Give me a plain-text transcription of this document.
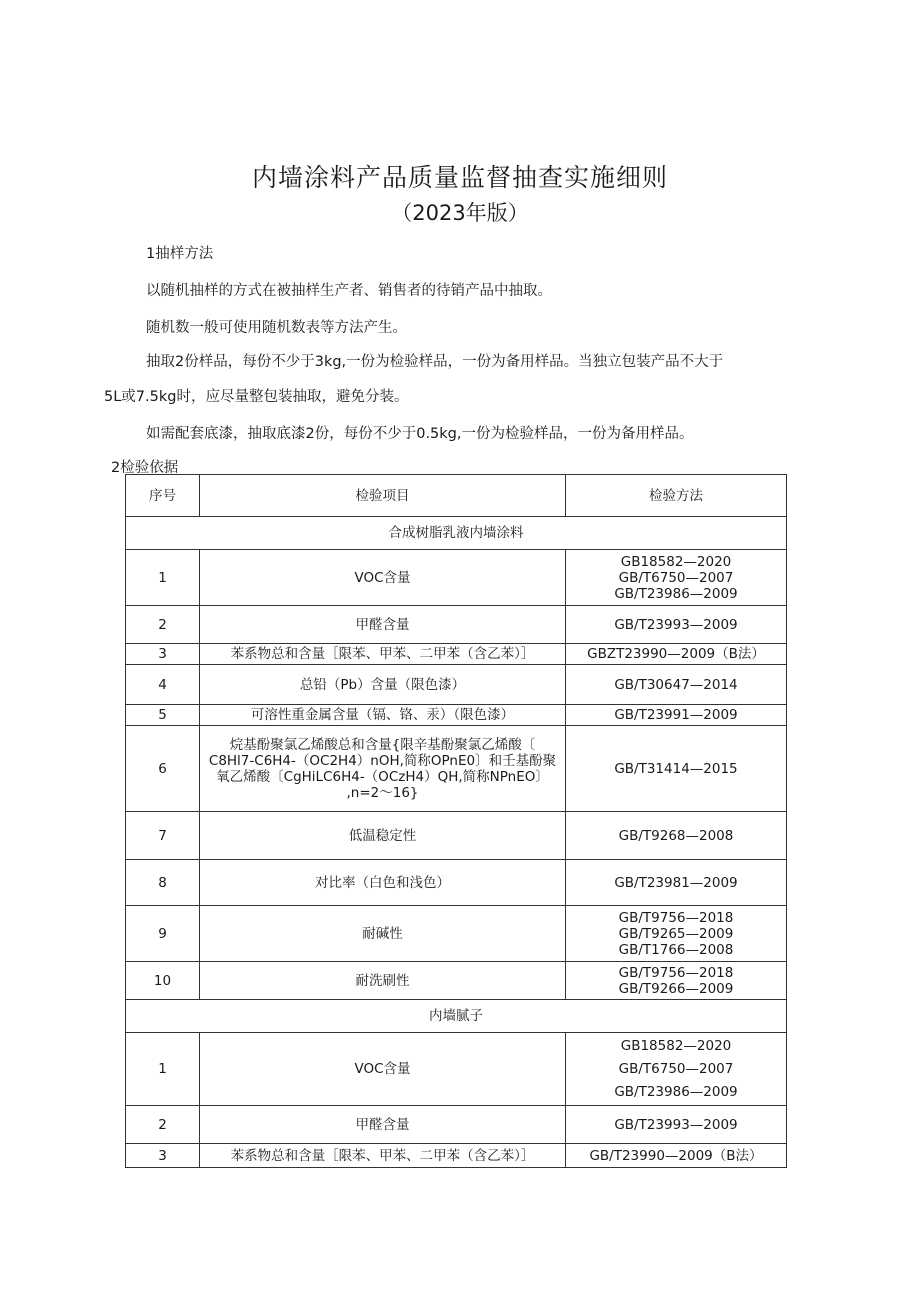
内墙涂料产品质量监督抽查实施细则
（2023年版）
1抽样方法
以随机抽样的方式在被抽样生产者、销售者的待销产品中抽取。
随机数一般可使用随机数表等方法产生。
抽取2份样品，每份不少于3kg,一份为检验样品，一份为备用样品。当独立包装产品不大于
5L或7.5kg时，应尽量整包装抽取，避免分装。
如需配套底漆，抽取底漆2份，每份不少于0.5kg,一份为检验样品，一份为备用样品。
2检验依据
序号	检验项目	检验方法
合成树脂乳液内墙涂料		
1	VOC含量	GB18582—2020
GB/T6750—2007
GB/T23986—2009

2	甲醛含量	GB/T23993—2009
3	苯系物总和含量［限苯、甲苯、二甲苯（含乙苯）］	GBZT23990—2009（B法）
4	总铅（Pb）含量（限色漆）	GB/T30647—2014
5	可溶性重金属含量（镉、铬、汞）（限色漆）	GB/T23991—2009
6	烷基酚聚氯乙烯酸总和含量{限辛基酚聚氯乙烯酸〔
C8Hl7-C6H4-（OC2H4）nOH,简称OPnE0〕和壬基酚聚
氧乙烯酸〔CgHiLC6H4-（OCzH4）QH,简称NPnEO〕
,n=2～16}	GB/T31414—2015
7	低温稳定性	GB/T9268—2008
8	对比率（白色和浅色）	GB/T23981—2009
9	耐碱性	GB/T9756—2018
GB/T9265—2009
GB/T1766—2008

10	耐洗刷性	GB/T9756—2018
GB/T9266—2009

内墙腻子		
1	VOC含量	GB18582—2020
GB/T6750—2007
GB/T23986—2009

2	甲醛含量	GB/T23993—2009
3	苯系物总和含量［限苯、甲苯、二甲苯（含乙苯）］	GB/T23990—2009（B法）
